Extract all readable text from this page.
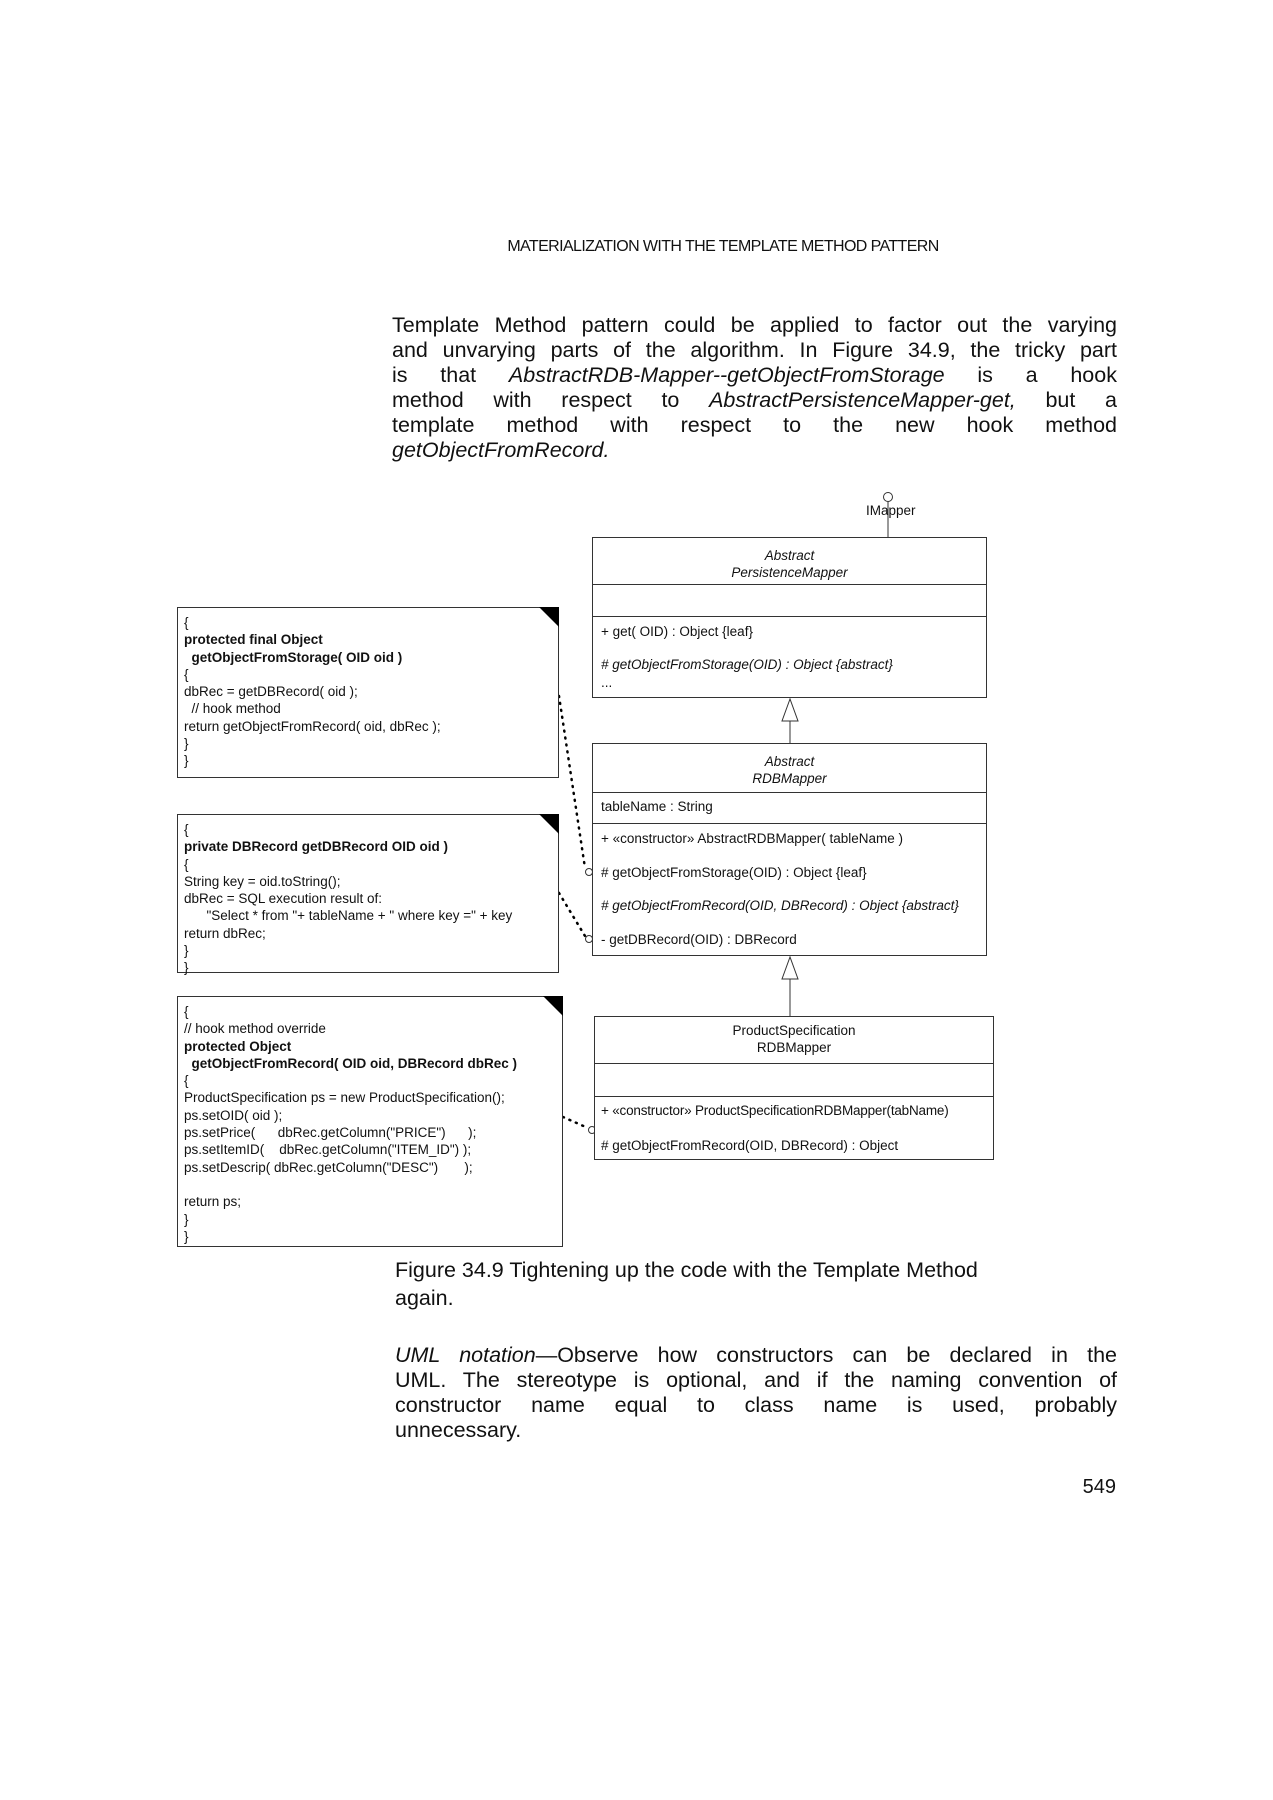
MATERIALIZATION WITH THE TEMPLATE METHOD PATTERN
Template Method pattern could be applied to factor out the varying
and unvarying parts of the algorithm. In Figure 34.9, the tricky part
is that AbstractRDB-Mapper--getObjectFromStorage is a hook
method with respect to AbstractPersistenceMapper-get, but a
template method with respect to the new hook method
getObjectFromRecord.
IMapper
Abstract
PersistenceMapper
+ get( OID) : Object {leaf}
# getObjectFromStorage(OID) : Object {abstract}
...
Abstract
RDBMapper
tableName : String
+ «constructor» AbstractRDBMapper( tableName )
# getObjectFromStorage(OID) : Object {leaf}
# getObjectFromRecord(OID, DBRecord) : Object {abstract}
- getDBRecord(OID) : DBRecord
ProductSpecification
RDBMapper
+ «constructor» ProductSpecificationRDBMapper(tabName)
# getObjectFromRecord(OID, DBRecord) : Object
{
protected final Object
getObjectFromStorage( OID oid )
{
dbRec = getDBRecord( oid );
// hook method
return getObjectFromRecord( oid, dbRec );
}
}
{
private DBRecord getDBRecord OID oid )
{
String key = oid.toString();
dbRec = SQL execution result of:
"Select * from "+ tableName + " where key =" + key
return dbRec;
}
}
{
// hook method override
protected Object
getObjectFromRecord( OID oid, DBRecord dbRec )
{
ProductSpecification ps = new ProductSpecification();
ps.setOID( oid );
ps.setPrice(      dbRec.getColumn("PRICE")      );
ps.setItemID(    dbRec.getColumn("ITEM_ID") );
ps.setDescrip( dbRec.getColumn("DESC")       );

return ps;
}
}
Figure 34.9 Tightening up the code with the Template Method
again.
UML notation—Observe how constructors can be declared in the
UML. The stereotype is optional, and if the naming convention of
constructor name equal to class name is used, probably
unnecessary.
549
